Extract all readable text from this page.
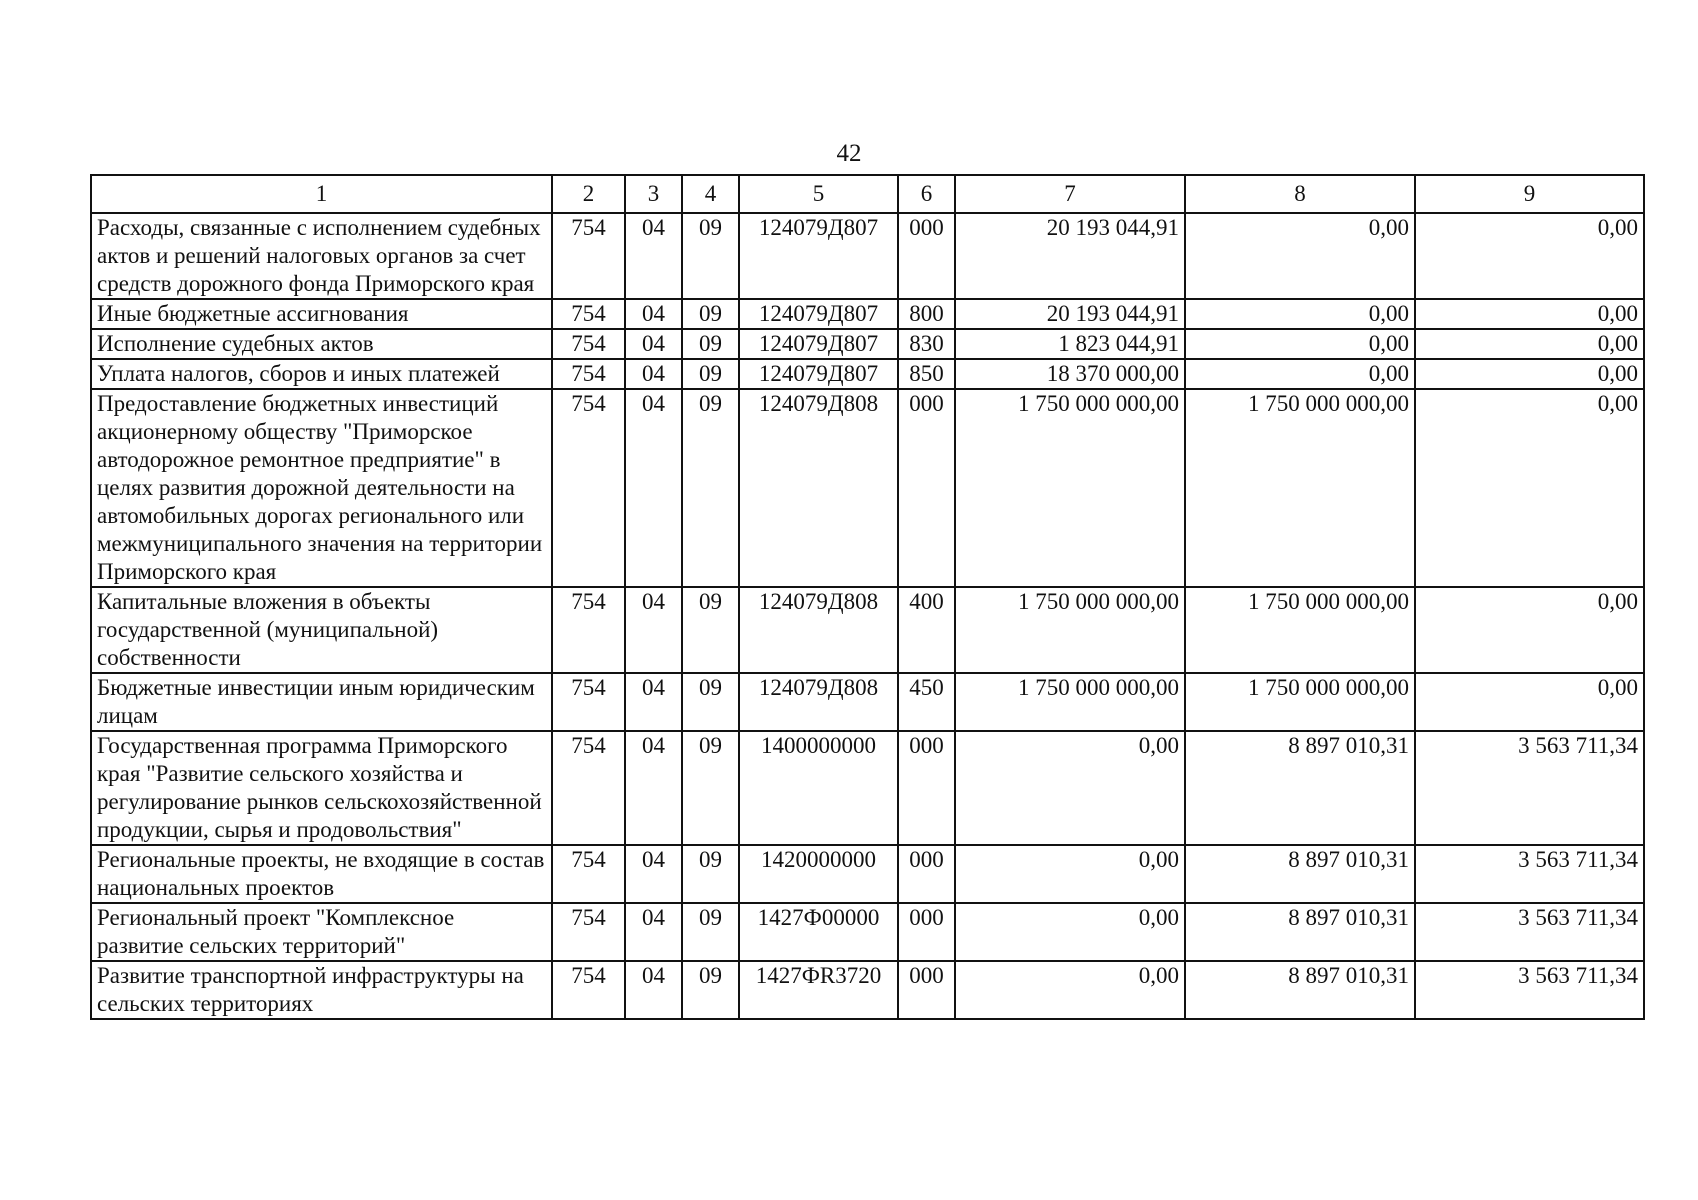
42
1	2	3	4	5	6	7	8	9
Расходы, связанные с исполнением судебных актов и решений налоговых органов за счет средств дорожного фонда Приморского края	754	04	09	124079Д807	000	20 193 044,91	0,00	0,00
Иные бюджетные ассигнования	754	04	09	124079Д807	800	20 193 044,91	0,00	0,00
Исполнение судебных актов	754	04	09	124079Д807	830	1 823 044,91	0,00	0,00
Уплата налогов, сборов и иных платежей	754	04	09	124079Д807	850	18 370 000,00	0,00	0,00
Предоставление бюджетных инвестиций акционерному обществу "Приморское автодорожное ремонтное предприятие" в целях развития дорожной деятельности на автомобильных дорогах регионального или межмуниципального значения на территории Приморского края	754	04	09	124079Д808	000	1 750 000 000,00	1 750 000 000,00	0,00
Капитальные вложения в объекты государственной (муниципальной) собственности	754	04	09	124079Д808	400	1 750 000 000,00	1 750 000 000,00	0,00
Бюджетные инвестиции иным юридическим лицам	754	04	09	124079Д808	450	1 750 000 000,00	1 750 000 000,00	0,00
Государственная программа Приморского края "Развитие сельского хозяйства и регулирование рынков сельскохозяйственной продукции, сырья и продовольствия"	754	04	09	1400000000	000	0,00	8 897 010,31	3 563 711,34
Региональные проекты, не входящие в состав национальных проектов	754	04	09	1420000000	000	0,00	8 897 010,31	3 563 711,34
Региональный проект "Комплексное развитие сельских территорий"	754	04	09	1427Ф00000	000	0,00	8 897 010,31	3 563 711,34
Развитие транспортной инфраструктуры на сельских территориях	754	04	09	1427ФR3720	000	0,00	8 897 010,31	3 563 711,34
